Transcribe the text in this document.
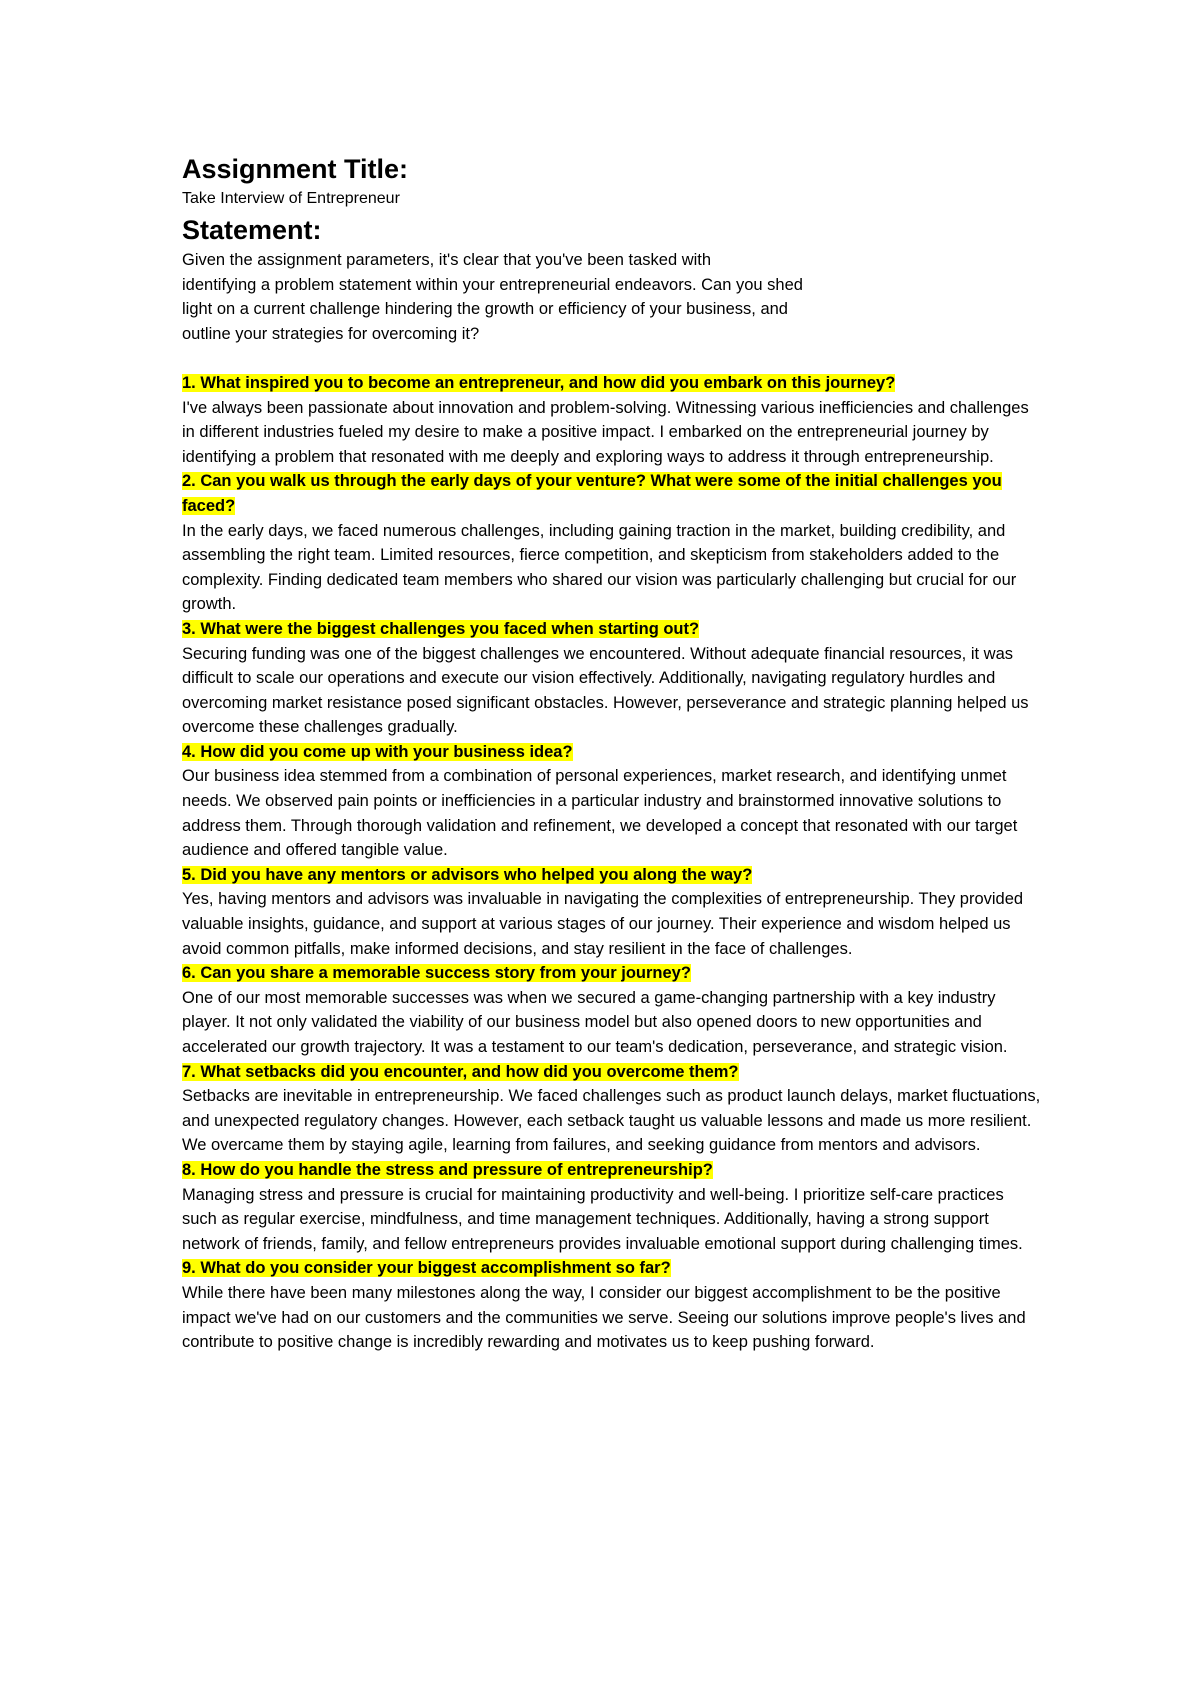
Assignment Title:

Take Interview of Entrepreneur

Statement:
Given the assignment parameters, it's clear that you've been tasked with
identifying a problem statement within your entrepreneurial endeavors. Can you shed
light on a current challenge hindering the growth or efficiency of your business, and
outline your strategies for overcoming it?

1. What inspired you to become an entrepreneur, and how did you embark on this journey?

I've always been passionate about innovation and problem-solving. Witnessing various inefficiencies and challenges in different industries fueled my desire to make a positive impact. I embarked on the entrepreneurial journey by identifying a problem that resonated with me deeply and exploring ways to address it through entrepreneurship.

2. Can you walk us through the early days of your venture? What were some of the initial challenges you faced?

In the early days, we faced numerous challenges, including gaining traction in the market, building credibility, and assembling the right team. Limited resources, fierce competition, and skepticism from stakeholders added to the complexity. Finding dedicated team members who shared our vision was particularly challenging but crucial for our growth.

3. What were the biggest challenges you faced when starting out?

Securing funding was one of the biggest challenges we encountered. Without adequate financial resources, it was difficult to scale our operations and execute our vision effectively. Additionally, navigating regulatory hurdles and overcoming market resistance posed significant obstacles. However, perseverance and strategic planning helped us overcome these challenges gradually.

4. How did you come up with your business idea?

Our business idea stemmed from a combination of personal experiences, market research, and identifying unmet needs. We observed pain points or inefficiencies in a particular industry and brainstormed innovative solutions to address them. Through thorough validation and refinement, we developed a concept that resonated with our target audience and offered tangible value.

5. Did you have any mentors or advisors who helped you along the way?

Yes, having mentors and advisors was invaluable in navigating the complexities of entrepreneurship. They provided valuable insights, guidance, and support at various stages of our journey. Their experience and wisdom helped us avoid common pitfalls, make informed decisions, and stay resilient in the face of challenges.

6. Can you share a memorable success story from your journey?

One of our most memorable successes was when we secured a game-changing partnership with a key industry player. It not only validated the viability of our business model but also opened doors to new opportunities and accelerated our growth trajectory. It was a testament to our team's dedication, perseverance, and strategic vision.

7. What setbacks did you encounter, and how did you overcome them?

Setbacks are inevitable in entrepreneurship. We faced challenges such as product launch delays, market fluctuations, and unexpected regulatory changes. However, each setback taught us valuable lessons and made us more resilient. We overcame them by staying agile, learning from failures, and seeking guidance from mentors and advisors.

8. How do you handle the stress and pressure of entrepreneurship?

Managing stress and pressure is crucial for maintaining productivity and well-being. I prioritize self-care practices such as regular exercise, mindfulness, and time management techniques. Additionally, having a strong support network of friends, family, and fellow entrepreneurs provides invaluable emotional support during challenging times.

9. What do you consider your biggest accomplishment so far?

While there have been many milestones along the way, I consider our biggest accomplishment to be the positive impact we've had on our customers and the communities we serve. Seeing our solutions improve people's lives and contribute to positive change is incredibly rewarding and motivates us to keep pushing forward.
